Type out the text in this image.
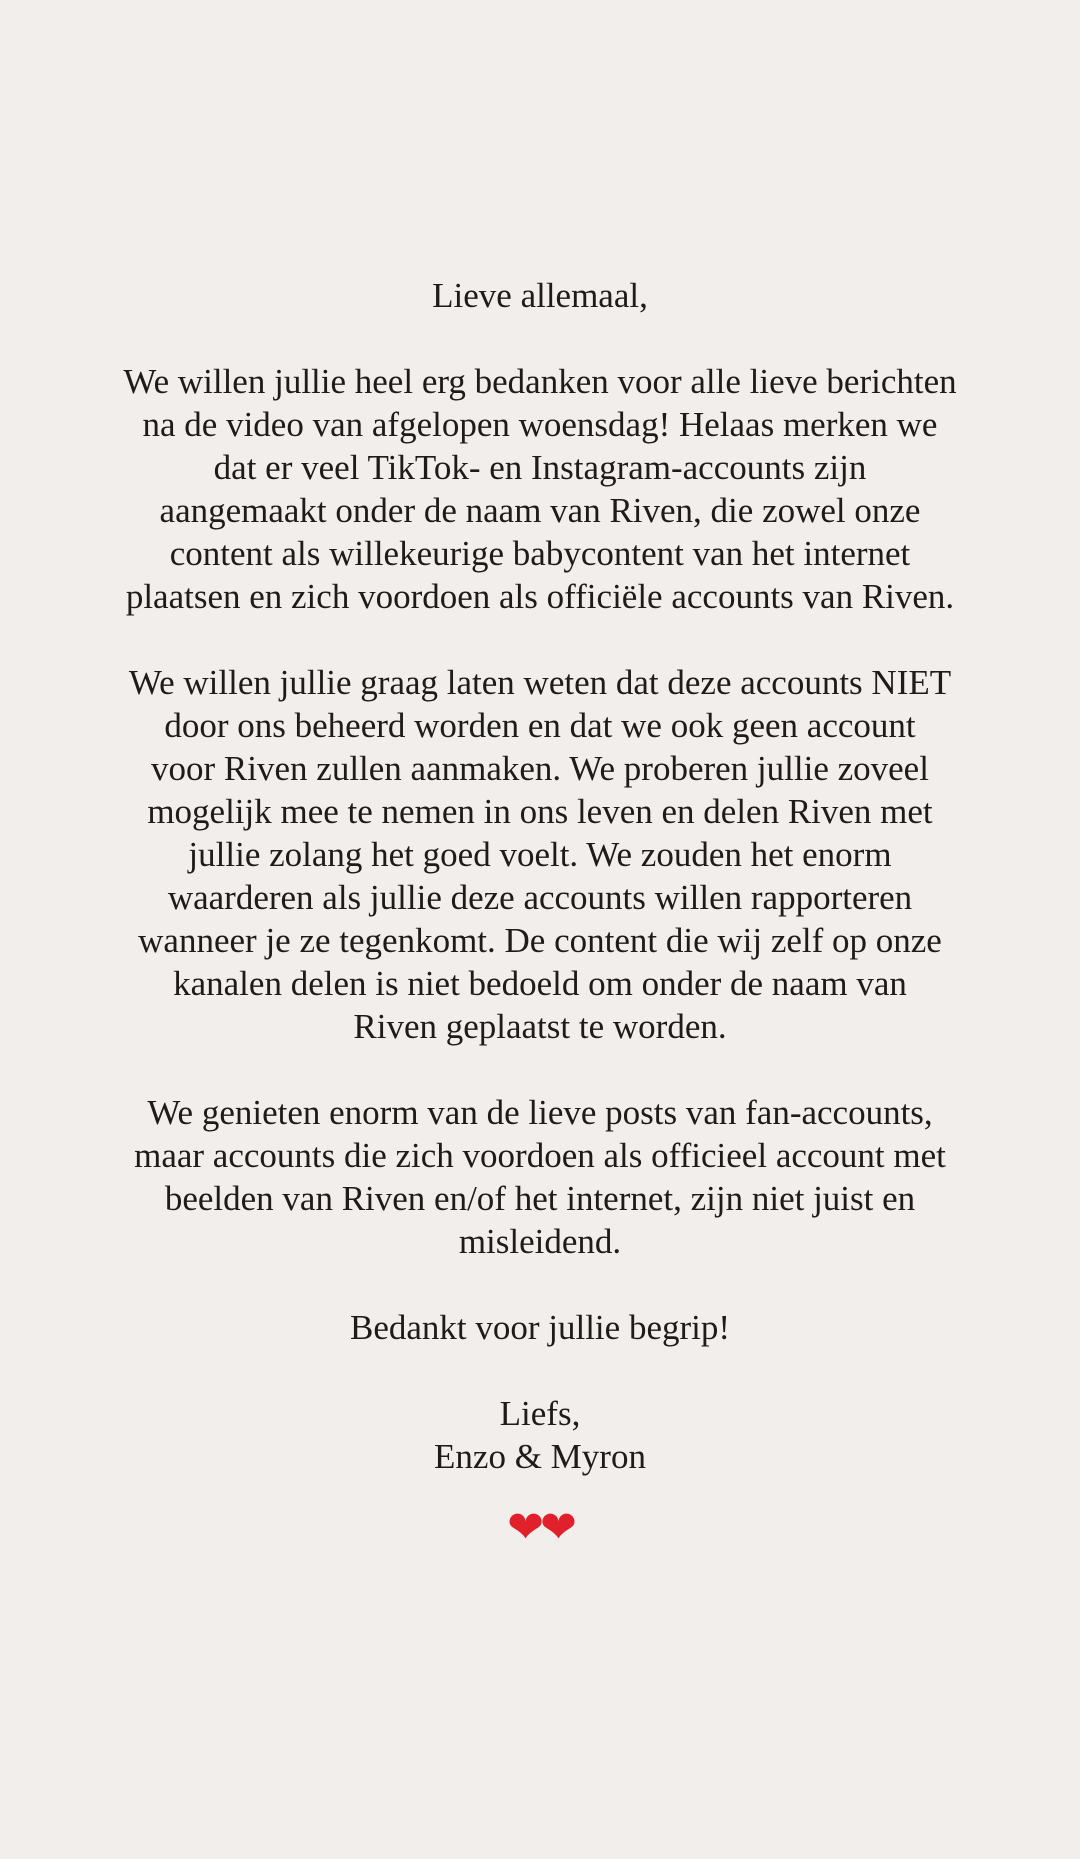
Lieve allemaal,

We willen jullie heel erg bedanken voor alle lieve berichten
na de video van afgelopen woensdag! Helaas merken we
dat er veel TikTok- en Instagram-accounts zijn
aangemaakt onder de naam van Riven, die zowel onze
content als willekeurige babycontent van het internet
plaatsen en zich voordoen als officiële accounts van Riven.

We willen jullie graag laten weten dat deze accounts NIET
door ons beheerd worden en dat we ook geen account
voor Riven zullen aanmaken. We proberen jullie zoveel
mogelijk mee te nemen in ons leven en delen Riven met
jullie zolang het goed voelt. We zouden het enorm
waarderen als jullie deze accounts willen rapporteren
wanneer je ze tegenkomt. De content die wij zelf op onze
kanalen delen is niet bedoeld om onder de naam van
Riven geplaatst te worden.

We genieten enorm van de lieve posts van fan-accounts,
maar accounts die zich voordoen als officieel account met
beelden van Riven en/of het internet, zijn niet juist en
misleidend.

Bedankt voor jullie begrip!

Liefs,
Enzo & Myron

❤❤
